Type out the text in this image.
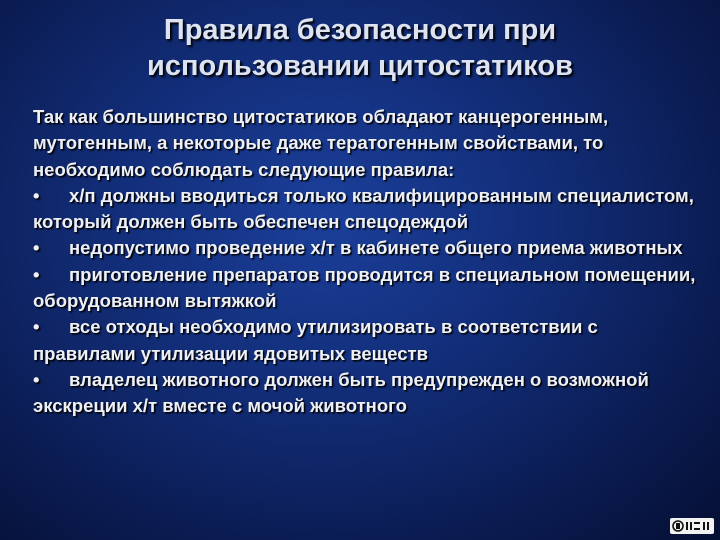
Правила безопасности при
использовании цитостатиков

Так как большинство цитостатиков обладают канцерогенным, мутогенным, а некоторые даже тератогенным свойствами, то необходимо соблюдать следующие правила:

• х/п должны вводиться только квалифицированным специалистом, который должен быть обеспечен спецодеждой

• недопустимо проведение х/т в кабинете общего приема животных

• приготовление препаратов проводится в специальном помещении, оборудованном вытяжкой

• все отходы необходимо утилизировать в соответствии с правилами утилизации ядовитых веществ

• владелец животного должен быть предупрежден о возможной экскреции х/т вместе с мочой животного
